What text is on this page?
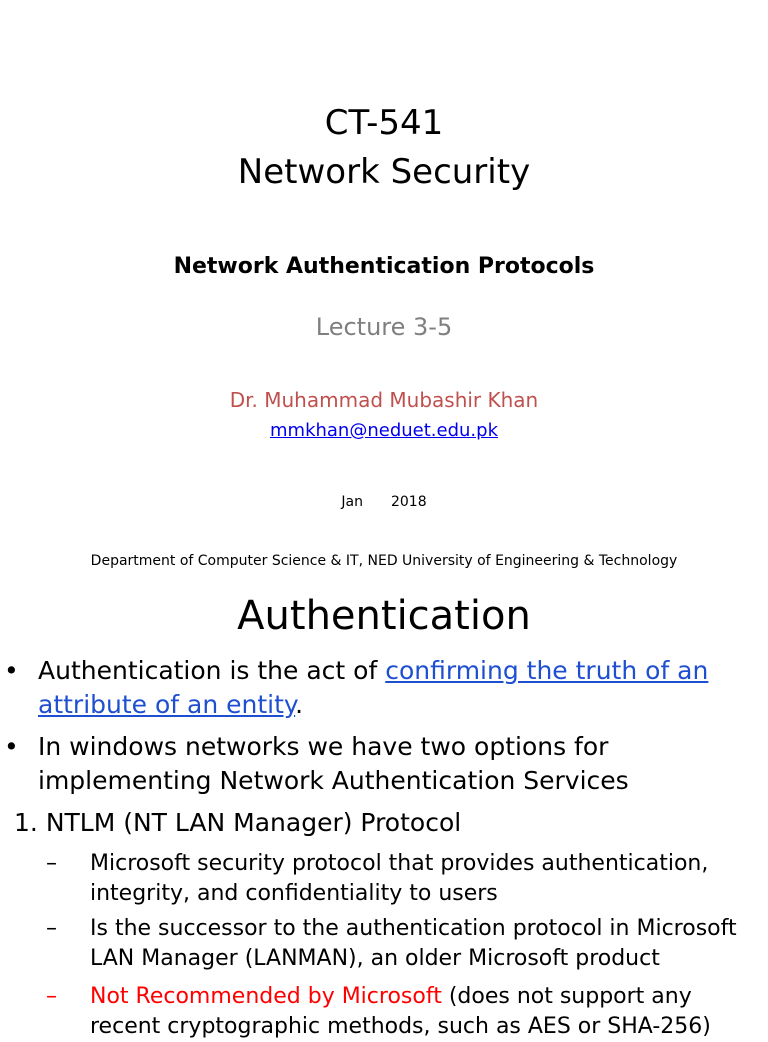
CT-541
Network Security
Network Authentication Protocols
Lecture 3-5
Dr. Muhammad Mubashir Khan
mmkhan@neduet.edu.pk
Jan 2018
Department of Computer Science & IT, NED University of Engineering & Technology
Authentication
• Authentication is the act of confirming the truth of an
attribute of an entity.
• In windows networks we have two options for
implementing Network Authentication Services
1. NTLM (NT LAN Manager) Protocol
– Microsoft security protocol that provides authentication,
integrity, and confidentiality to users
– Is the successor to the authentication protocol in Microsoft
LAN Manager (LANMAN), an older Microsoft product
– Not Recommended by Microsoft (does not support any
recent cryptographic methods, such as AES or SHA-256)
